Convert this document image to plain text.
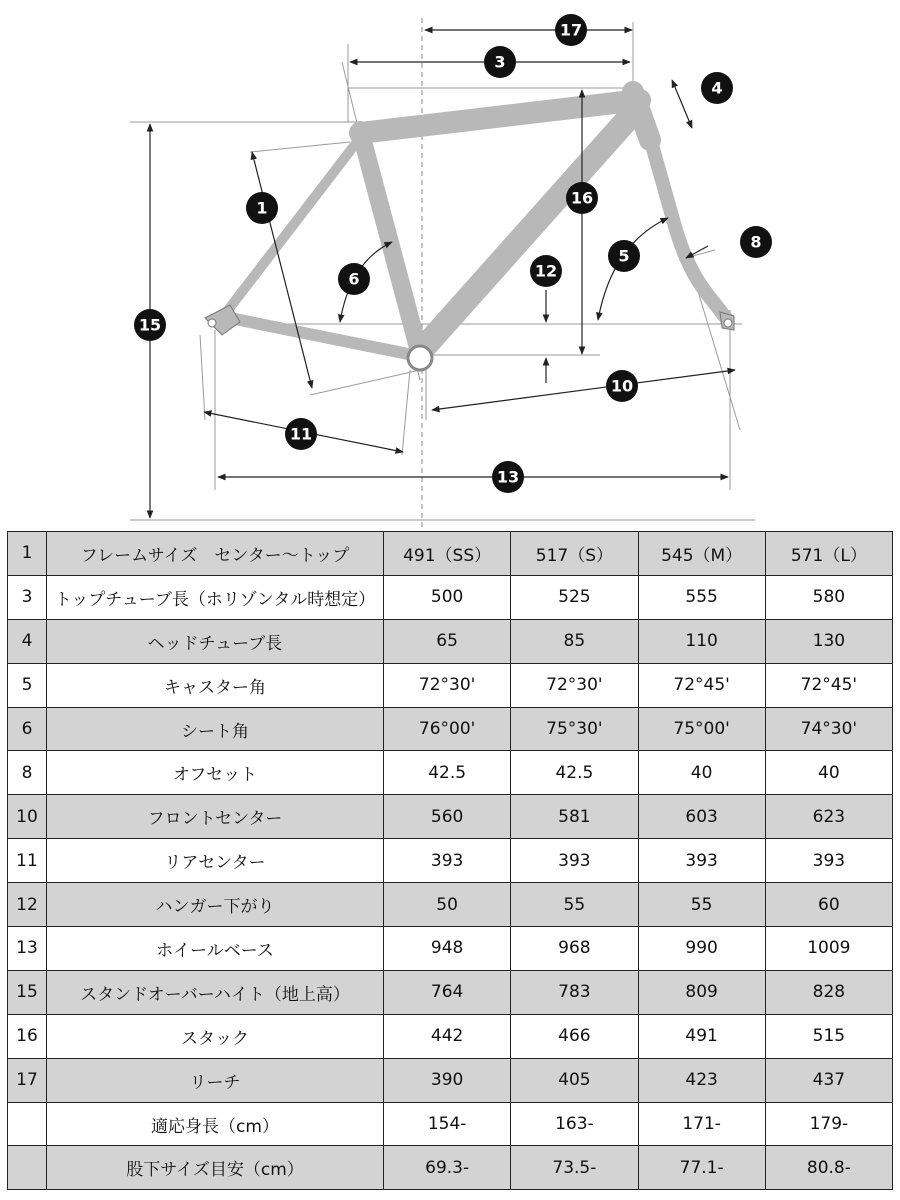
17
3
4
1
16
8
5
6	12
15
10
11
13
1	フレームサイズ　センター〜トップ	491（SS）	517（S）	545（M）	571（L）
3	トップチューブ長（ホリゾンタル時想定）	500	525	555	580
4	ヘッドチューブ長	65	85	110	130
5	キャスター角	72°30'	72°30'	72°45'	72°45'
6	シート角	76°00'	75°30'	75°00'	74°30'
8	オフセット	42.5	42.5	40	40
10	フロントセンター	560	581	603	623
11	リアセンター	393	393	393	393
12	ハンガー下がり	50	55	55	60
13	ホイールベース	948	968	990	1009
15	スタンドオーバーハイト（地上高）	764	783	809	828
16	スタック	442	466	491	515
17	リーチ	390	405	423	437
	適応身長（cm）	154-	163-	171-	179-
	股下サイズ目安（cm）	69.3-	73.5-	77.1-	80.8-
